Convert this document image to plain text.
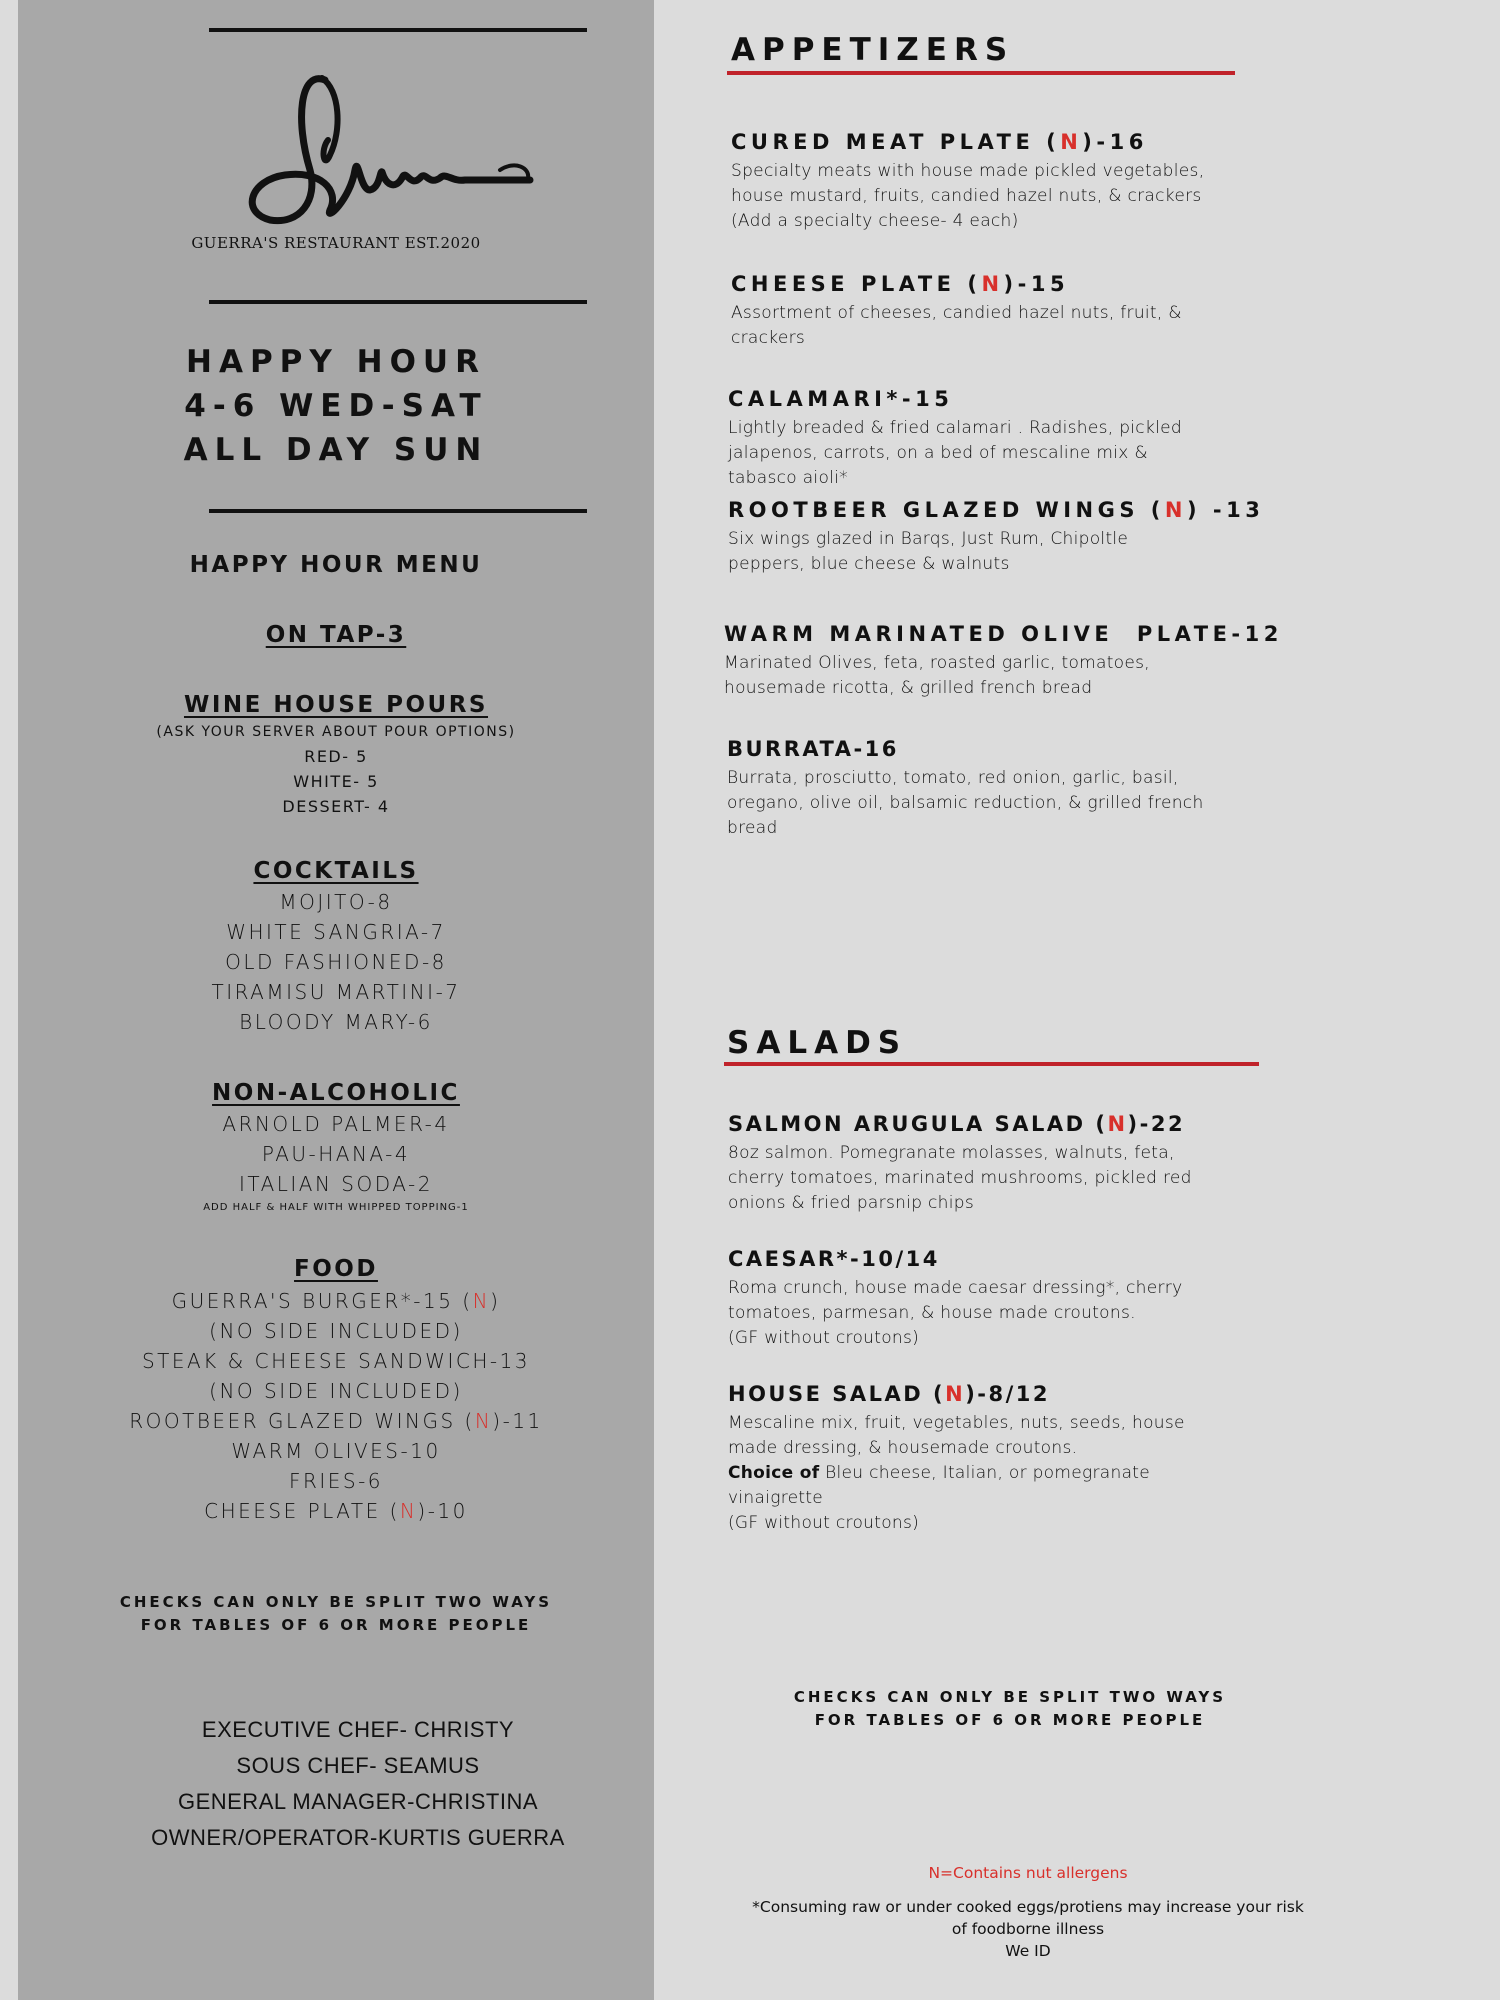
GUERRA'S RESTAURANT EST.2020
HAPPY HOUR
4-6 WED-SAT
ALL DAY SUN
HAPPY HOUR MENU
ON TAP-3
WINE HOUSE POURS
(ASK YOUR SERVER ABOUT POUR OPTIONS)
RED- 5
WHITE- 5
DESSERT- 4
COCKTAILS
MOJITO-8
WHITE SANGRIA-7
OLD FASHIONED-8
TIRAMISU MARTINI-7
BLOODY MARY-6
NON-ALCOHOLIC
ARNOLD PALMER-4
PAU-HANA-4
ITALIAN SODA-2
ADD HALF & HALF WITH WHIPPED TOPPING-1
FOOD
GUERRA'S BURGER*-15 (N)
(NO SIDE INCLUDED)
STEAK & CHEESE SANDWICH-13
(NO SIDE INCLUDED)
ROOTBEER GLAZED WINGS (N)-11
WARM OLIVES-10
FRIES-6
CHEESE PLATE (N)-10
CHECKS CAN ONLY BE SPLIT TWO WAYS
FOR TABLES OF 6 OR MORE PEOPLE
EXECUTIVE CHEF- CHRISTY
SOUS CHEF- SEAMUS
GENERAL MANAGER-CHRISTINA
OWNER/OPERATOR-KURTIS GUERRA
APPETIZERS
CURED MEAT PLATE (N)-16
Specialty meats with house made pickled vegetables,
house mustard, fruits, candied hazel nuts, & crackers
(Add a specialty cheese- 4 each)
CHEESE PLATE (N)-15
Assortment of cheeses, candied hazel nuts, fruit, &
crackers
CALAMARI*-15
Lightly breaded & fried calamari . Radishes, pickled
jalapenos, carrots, on a bed of mescaline mix &
tabasco aioli*
ROOTBEER GLAZED WINGS (N) -13
Six wings glazed in Barqs, Just Rum, Chipoltle
peppers, blue cheese & walnuts
WARM MARINATED OLIVE  PLATE-12
Marinated Olives, feta, roasted garlic, tomatoes,
housemade ricotta, & grilled french bread
BURRATA-16
Burrata, prosciutto, tomato, red onion, garlic, basil,
oregano, olive oil, balsamic reduction, & grilled french
bread
SALADS
SALMON ARUGULA SALAD (N)-22
8oz salmon. Pomegranate molasses, walnuts, feta,
cherry tomatoes, marinated mushrooms, pickled red
onions & fried parsnip chips
CAESAR*-10/14
Roma crunch, house made caesar dressing*, cherry
tomatoes, parmesan, & house made croutons.
(GF without croutons)
HOUSE SALAD (N)-8/12
Mescaline mix, fruit, vegetables, nuts, seeds, house
made dressing, & housemade croutons.
Choice of Bleu cheese, Italian, or pomegranate
vinaigrette
(GF without croutons)
CHECKS CAN ONLY BE SPLIT TWO WAYS
FOR TABLES OF 6 OR MORE PEOPLE
N=Contains nut allergens
*Consuming raw or under cooked eggs/protiens may increase your risk
of foodborne illness
We ID
